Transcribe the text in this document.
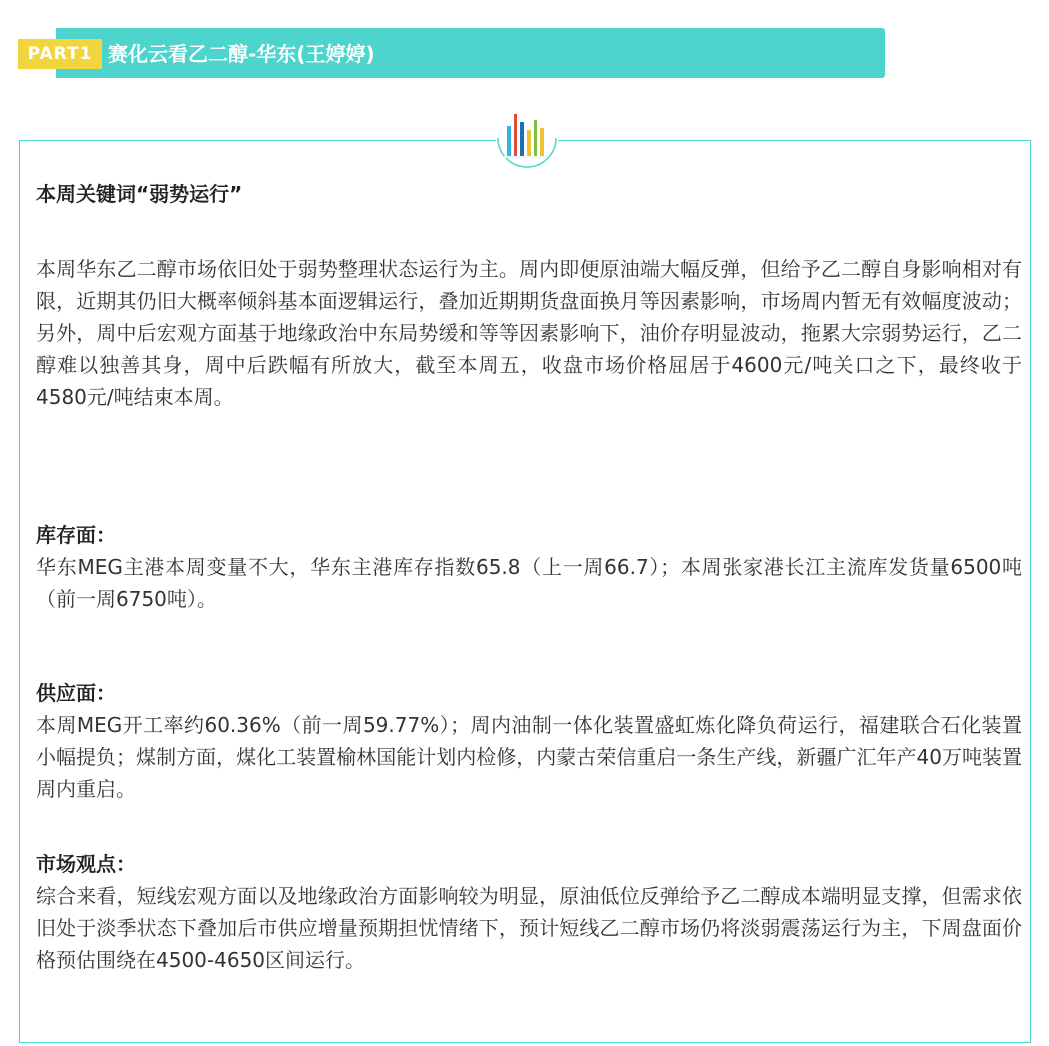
PART1 赛化云看乙二醇-华东(王婷婷)
本周关键词“弱势运行”
本周华东乙二醇市场依旧处于弱势整理状态运行为主。周内即便原油端大幅反弹，但给予乙二醇自身影响相对有限，近期其仍旧大概率倾斜基本面逻辑运行，叠加近期期货盘面换月等因素影响，市场周内暂无有效幅度波动；另外，周中后宏观方面基于地缘政治中东局势缓和等等因素影响下，油价存明显波动，拖累大宗弱势运行，乙二醇难以独善其身，周中后跌幅有所放大，截至本周五，收盘市场价格屈居于4600元/吨关口之下，最终收于4580元/吨结束本周。
库存面：
华东MEG主港本周变量不大，华东主港库存指数65.8（上一周66.7）；本周张家港长江主流库发货量6500吨（前一周6750吨）。
供应面：
本周MEG开工率约60.36%（前一周59.77%）；周内油制一体化装置盛虹炼化降负荷运行，福建联合石化装置小幅提负；煤制方面，煤化工装置榆林国能计划内检修，内蒙古荣信重启一条生产线，新疆广汇年产40万吨装置周内重启。
市场观点：
综合来看，短线宏观方面以及地缘政治方面影响较为明显，原油低位反弹给予乙二醇成本端明显支撑，但需求依旧处于淡季状态下叠加后市供应增量预期担忧情绪下，预计短线乙二醇市场仍将淡弱震荡运行为主，下周盘面价格预估围绕在4500-4650区间运行。
